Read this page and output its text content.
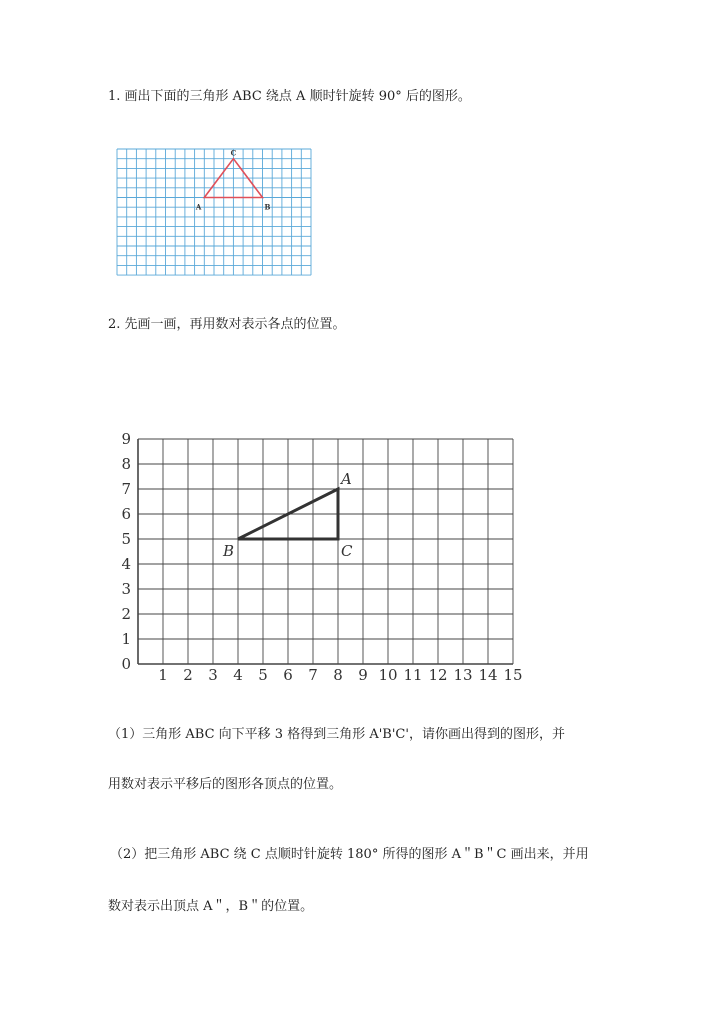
1. 画出下面的三角形 ABC 绕点 A 顺时针旋转 90° 后的图形。
A	B
C
2. 先画一画，再用数对表示各点的位置。
1 2 3 4 5 6 7 8 9 10 11 12 13 14 15
0
1
2
3
4
5
6
7
8
9
A
B	C
（1）三角形 ABC 向下平移 3 格得到三角形 A'B'C'，请你画出得到的图形，并
用数对表示平移后的图形各顶点的位置。
（2）把三角形 ABC 绕 C 点顺时针旋转 180° 所得的图形 A＂B＂C 画出来，并用
数对表示出顶点 A＂，B＂的位置。
